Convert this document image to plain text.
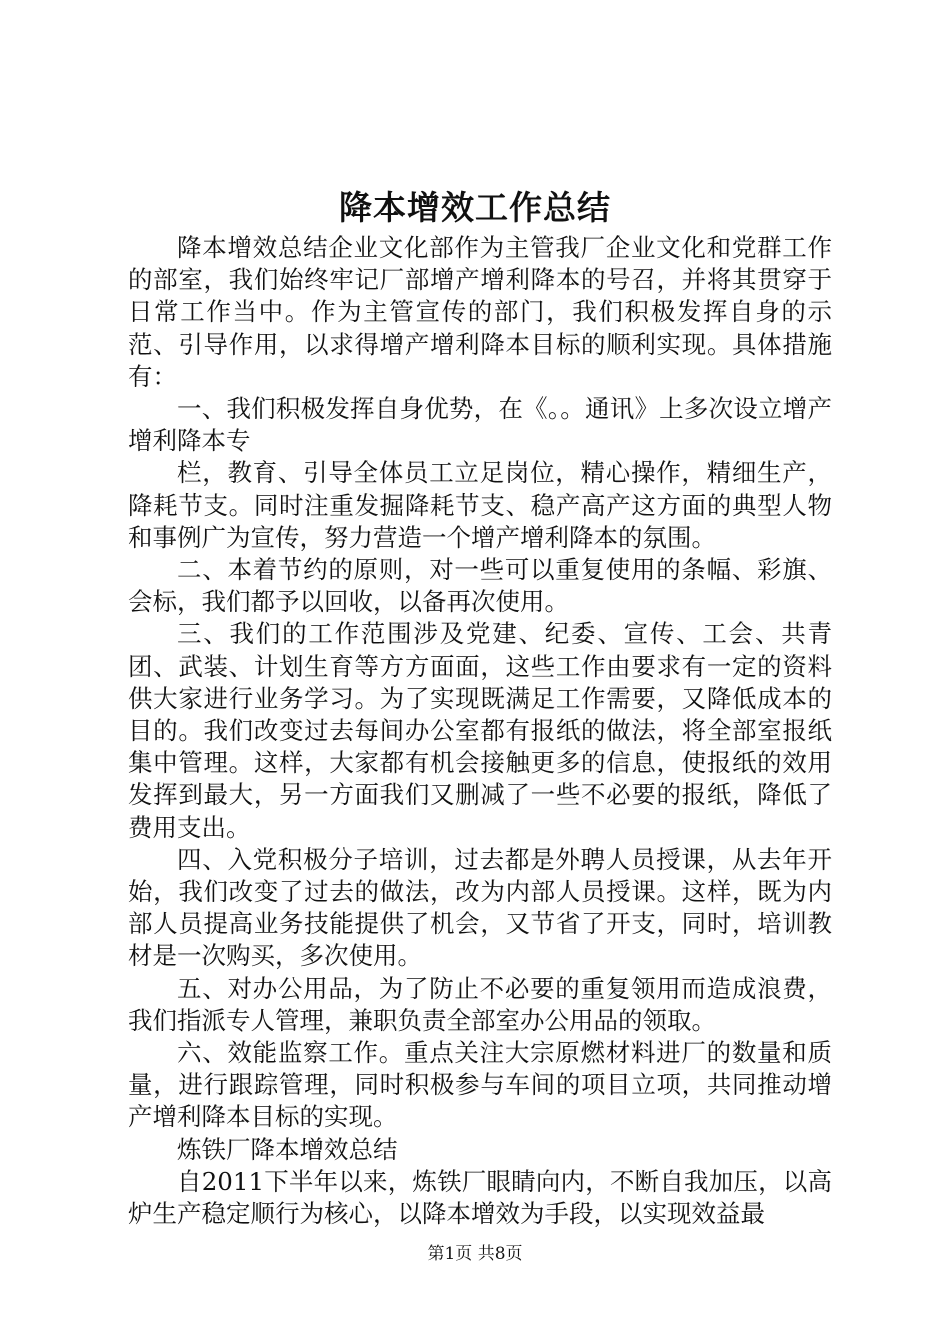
降本增效工作总结

降本增效总结企业文化部作为主管我厂企业文化和党群工作的部室，我们始终牢记厂部增产增利降本的号召，并将其贯穿于日常工作当中。作为主管宣传的部门，我们积极发挥自身的示范、引导作用，以求得增产增利降本目标的顺利实现。具体措施有：

一、我们积极发挥自身优势，在《。。通讯》上多次设立增产增利降本专

栏，教育、引导全体员工立足岗位，精心操作，精细生产，降耗节支。同时注重发掘降耗节支、稳产高产这方面的典型人物和事例广为宣传，努力营造一个增产增利降本的氛围。

二、本着节约的原则，对一些可以重复使用的条幅、彩旗、会标，我们都予以回收，以备再次使用。

三、我们的工作范围涉及党建、纪委、宣传、工会、共青团、武装、计划生育等方方面面，这些工作由要求有一定的资料供大家进行业务学习。为了实现既满足工作需要，又降低成本的目的。我们改变过去每间办公室都有报纸的做法，将全部室报纸集中管理。这样，大家都有机会接触更多的信息，使报纸的效用发挥到最大，另一方面我们又删减了一些不必要的报纸，降低了费用支出。

四、入党积极分子培训，过去都是外聘人员授课，从去年开始，我们改变了过去的做法，改为内部人员授课。这样，既为内部人员提高业务技能提供了机会，又节省了开支，同时，培训教材是一次购买，多次使用。

五、对办公用品，为了防止不必要的重复领用而造成浪费，我们指派专人管理，兼职负责全部室办公用品的领取。

六、效能监察工作。重点关注大宗原燃材料进厂的数量和质量，进行跟踪管理，同时积极参与车间的项目立项，共同推动增产增利降本目标的实现。

炼铁厂降本增效总结

自2011下半年以来，炼铁厂眼睛向内，不断自我加压，以高炉生产稳定顺行为核心，以降本增效为手段，以实现效益最

第1页 共8页
